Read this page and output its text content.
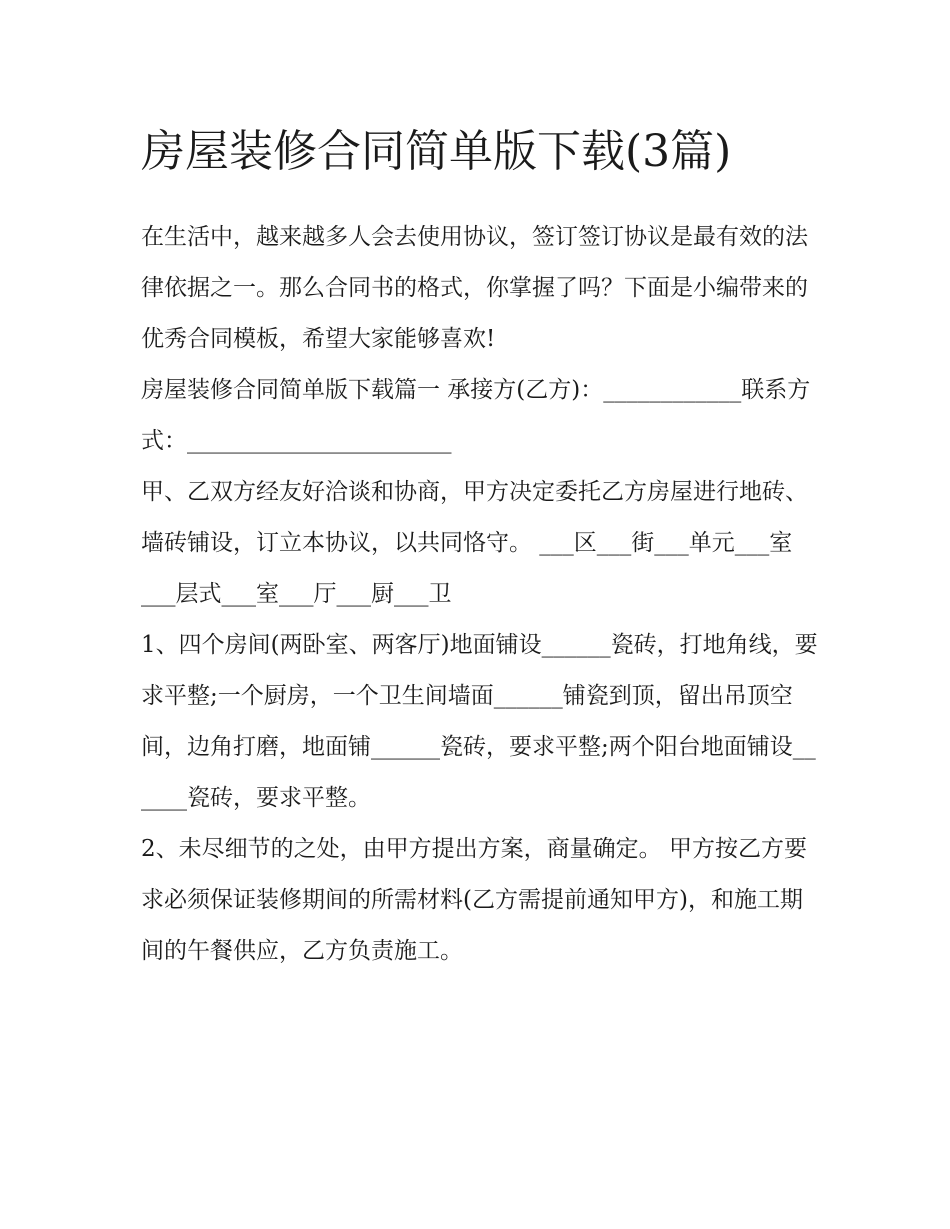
房屋装修合同简单版下载(3篇)

在生活中，越来越多人会去使用协议，签订签订协议是最有效的法律依据之一。那么合同书的格式，你掌握了吗？下面是小编带来的优秀合同模板，希望大家能够喜欢!

房屋装修合同简单版下载篇一 承接方(乙方)：____________联系方式：_______________________

甲、乙双方经友好洽谈和协商，甲方决定委托乙方房屋进行地砖、墙砖铺设，订立本协议，以共同恪守。 ___区___街___单元___室

___层式___室___厅___厨___卫

1、四个房间(两卧室、两客厅)地面铺设______瓷砖，打地角线，要求平整;一个厨房，一个卫生间墙面______铺瓷到顶，留出吊顶空间，边角打磨，地面铺______瓷砖，要求平整;两个阳台地面铺设______瓷砖，要求平整。

2、未尽细节的之处，由甲方提出方案，商量确定。 甲方按乙方要求必须保证装修期间的所需材料(乙方需提前通知甲方)，和施工期间的午餐供应，乙方负责施工。
